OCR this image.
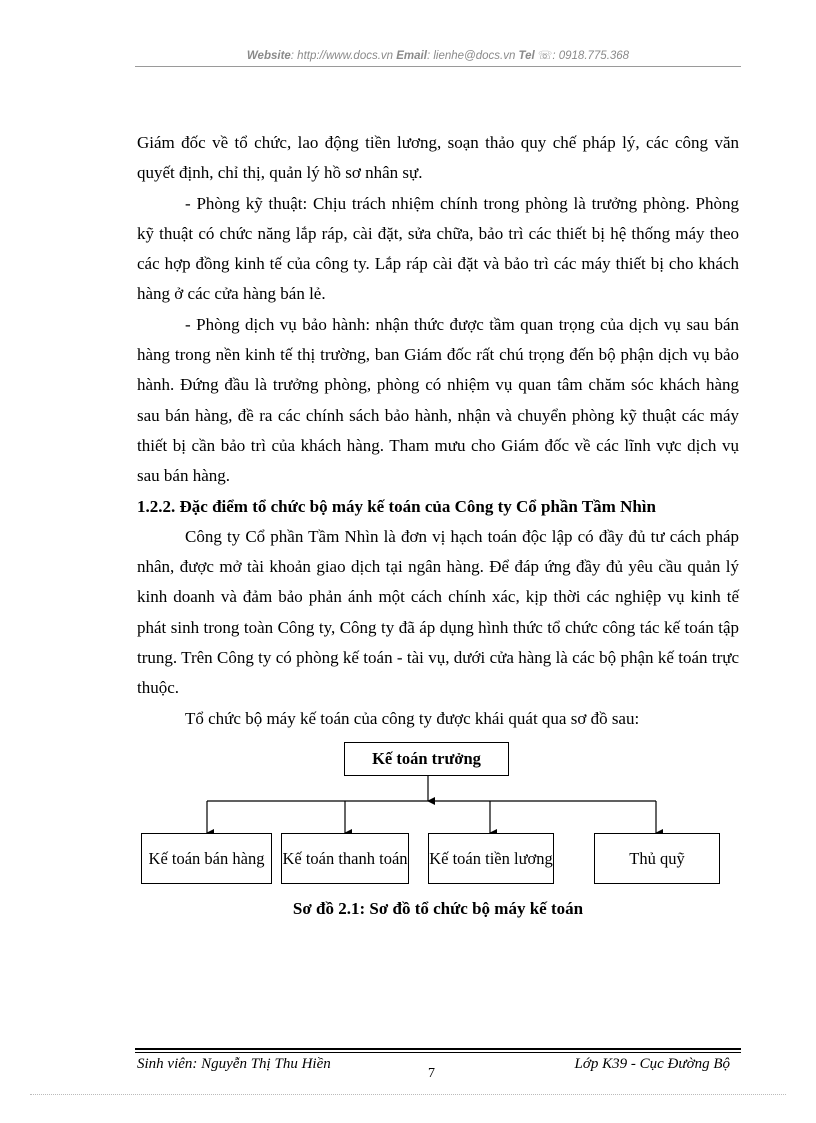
Website: http://www.docs.vn Email: lienhe@docs.vn Tel ☏: 0918.775.368

Giám đốc về tổ chức, lao động tiền lương, soạn thảo quy chế pháp lý, các công văn quyết định, chỉ thị, quản lý hồ sơ nhân sự.

- Phòng kỹ thuật: Chịu trách nhiệm chính trong phòng là trưởng phòng. Phòng kỹ thuật có chức năng lắp ráp, cài đặt, sửa chữa, bảo trì các thiết bị hệ thống máy theo các hợp đồng kinh tế của công ty. Lắp ráp cài đặt và bảo trì các máy thiết bị cho khách hàng ở các cửa hàng bán lẻ.

- Phòng dịch vụ bảo hành: nhận thức được tầm quan trọng của dịch vụ sau bán hàng trong nền kinh tế thị trường, ban Giám đốc rất chú trọng đến bộ phận dịch vụ bảo hành. Đứng đầu là trưởng phòng, phòng có nhiệm vụ quan tâm chăm sóc khách hàng sau bán hàng, đề ra các chính sách bảo hành, nhận và chuyển phòng kỹ thuật các máy thiết bị cần bảo trì của khách hàng. Tham mưu cho Giám đốc về các lĩnh vực dịch vụ sau bán hàng.

1.2.2. Đặc điểm tổ chức bộ máy kế toán của Công ty Cổ phần Tầm Nhìn

Công ty Cổ phần Tầm Nhìn là đơn vị hạch toán độc lập có đầy đủ tư cách pháp nhân, được mở tài khoản giao dịch tại ngân hàng. Để đáp ứng đầy đủ yêu cầu quản lý kinh doanh và đảm bảo phản ánh một cách chính xác, kịp thời các nghiệp vụ kinh tế phát sinh trong toàn Công ty, Công ty đã áp dụng hình thức tổ chức công tác kế toán tập trung. Trên Công ty có phòng kế toán - tài vụ, dưới cửa hàng là các bộ phận kế toán trực thuộc.

Tổ chức bộ máy kế toán của công ty được khái quát qua sơ đồ sau:

Kế toán trưởng
Kế toán bán hàng	Kế toán thanh toán Kế toán tiền lương	Thủ quỹ
Sơ đồ 2.1: Sơ đồ tổ chức bộ máy kế toán
Sinh viên: Nguyễn Thị Thu Hiền
7
Lớp K39 - Cục Đường Bộ
